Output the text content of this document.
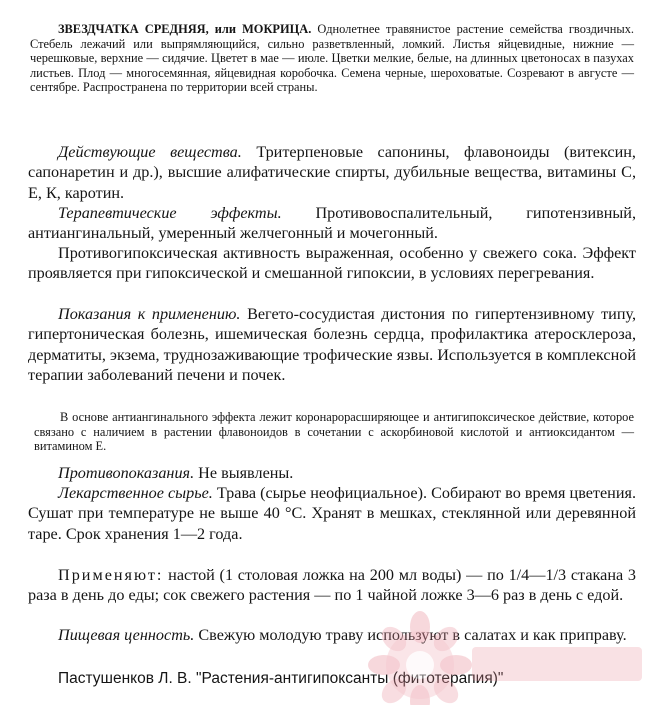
ЗВЕЗДЧАТКА СРЕДНЯЯ, или МОКРИЦА. Однолетнее травянистое растение семейства гвоздичных. Стебель лежачий или выпрямляющийся, сильно разветвленный, ломкий. Листья яйцевидные, нижние — черешковые, верхние — сидячие. Цветет в мае — июле. Цветки мелкие, белые, на длинных цветоносах в пазухах листьев. Плод — многосемянная, яйцевидная коробочка. Семена черные, шероховатые. Созревают в августе — сентябре. Распространена по территории всей страны.

Действующие вещества. Тритерпеновые сапонины, флавоноиды (витексин, сапонаретин и др.), высшие алифатические спирты, дубильные вещества, витамины С, Е, К, каротин.

Терапевтические эффекты. Противовоспалительный, гипотензивный, антиангинальный, умеренный желчегонный и мочегонный.

Противогипоксическая активность выраженная, особенно у свежего сока. Эффект проявляется при гипоксической и смешанной гипоксии, в условиях перегревания.

Показания к применению. Вегето-сосудистая дистония по гипертензивному типу, гипертоническая болезнь, ишемическая болезнь сердца, профилактика атеросклероза, дерматиты, экзема, труднозаживающие трофические язвы. Используется в комплексной терапии заболеваний печени и почек.

В основе антиангинального эффекта лежит коронарорасширяющее и антигипоксическое действие, которое связано с наличием в растении флавоноидов в сочетании с аскорбиновой кислотой и антиоксидантом — витамином Е.

Противопоказания. Не выявлены.

Лекарственное сырье. Трава (сырье неофициальное). Собирают во время цветения. Сушат при температуре не выше 40 °С. Хранят в мешках, стеклянной или деревянной таре. Срок хранения 1—2 года.

Применяют: настой (1 столовая ложка на 200 мл воды) — по 1/4—1/3 стакана 3 раза в день до еды; сок свежего растения — по 1 чайной ложке 3—6 раз в день с едой.

Пищевая ценность. Свежую молодую траву используют в салатах и как приправу.

Пастушенков Л. В. "Растения-антигипоксанты (фитотерапия)"
